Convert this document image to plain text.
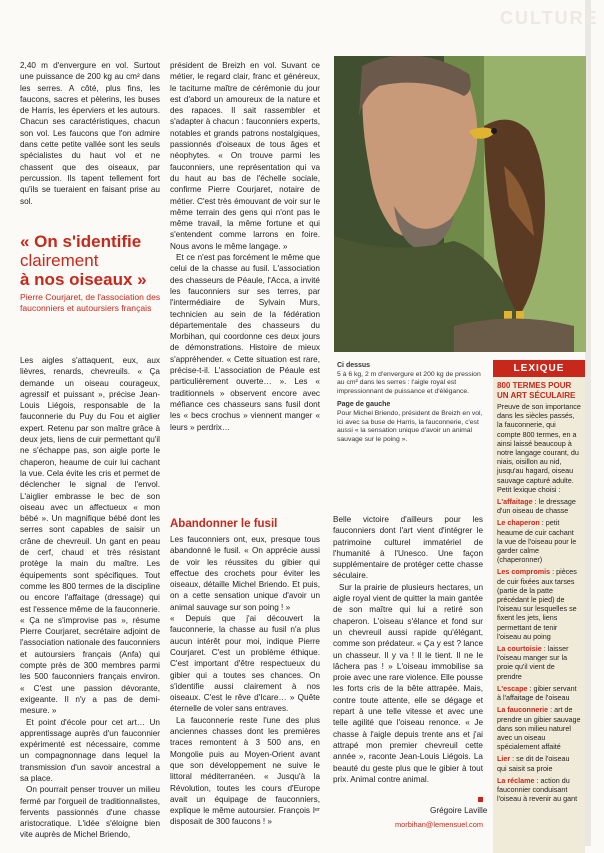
CULTURE

2,40 m d'envergure en vol. Surtout une puissance de 200 kg au cm² dans les serres. A côté, plus fins, les faucons, sacres et pèlerins, les buses de Harris, les éperviers et les autours. Chacun ses caractéristiques, chacun son vol. Les faucons que l'on admire dans cette petite vallée sont les seuls spécialistes du haut vol et ne chassent que des oiseaux, par percussion. Ils tapent tellement fort qu'ils se tueraient en faisant prise au sol.

« On s'identifie
clairement
à nos oiseaux »
Pierre Courjaret, de l'association des fauconniers et autoursiers français

Les aigles s'attaquent, eux, aux lièvres, renards, chevreuils. « Ça demande un oiseau courageux, agressif et puissant », précise Jean-Louis Liégois, responsable de la fauconnerie du Puy du Fou et aiglier expert. Retenu par son maître grâce à deux jets, liens de cuir permettant qu'il ne s'échappe pas, son aigle porte le chaperon, heaume de cuir lui cachant la vue. Cela évite les cris et permet de déclencher le signal de l'envol. L'aiglier embrasse le bec de son oiseau avec un affectueux « mon bébé ». Un magnifique bébé dont les serres sont capables de saisir un crâne de chevreuil. Un gant en peau de cerf, chaud et très résistant protège la main du maître. Les équipements sont spécifiques. Tout comme les 800 termes de la discipline ou encore l'affaitage (dressage) qui est l'essence même de la fauconnerie. « Ça ne s'improvise pas », résume Pierre Courjaret, secrétaire adjoint de l'association nationale des fauconniers et autoursiers français (Anfa) qui compte près de 300 membres parmi les 500 fauconniers français environ. « C'est une passion dévorante, exigeante. Il n'y a pas de demi-mesure. »

Et point d'école pour cet art… Un apprentissage auprès d'un fauconnier expérimenté est nécessaire, comme un compagnonnage dans lequel la transmission d'un savoir ancestral a sa place.

On pourrait penser trouver un milieu fermé par l'orgueil de traditionnalistes, fervents passionnés d'une chasse aristocratique. L'idée s'éloigne bien vite auprès de Michel Briendo,

président de Breizh en vol. Suvant ce métier, le regard clair, franc et généreux, le taciturne maître de cérémonie du jour est d'abord un amoureux de la nature et des rapaces. Il sait rassembler et s'adapter à chacun : fauconniers experts, notables et grands patrons nostalgiques, passionnés d'oiseaux de tous âges et néophytes. « On trouve parmi les fauconniers, une représentation qui va du haut au bas de l'échelle sociale, confirme Pierre Courjaret, notaire de métier. C'est très émouvant de voir sur le même terrain des gens qui n'ont pas le même travail, la même fortune et qui s'entendent comme larrons en foire. Nous avons le même langage. »

Et ce n'est pas forcément le même que celui de la chasse au fusil. L'association des chasseurs de Péaule, l'Acca, a invité les fauconniers sur ses terres, par l'intermédiaire de Sylvain Murs, technicien au sein de la fédération départementale des chasseurs du Morbihan, qui coordonne ces deux jours de démonstrations. Histoire de mieux s'appréhender. « Cette situation est rare, précise-t-il. L'association de Péaule est particulièrement ouverte… ». Les « traditionnels » observent encore avec méfiance ces chasseurs sans fusil dont les « becs crochus » viennent manger « leurs » perdrix…

Abandonner le fusil

Les fauconniers ont, eux, presque tous abandonné le fusil. « On apprécie aussi de voir les réussites du gibier qui effectue des crochets pour éviter les oiseaux, détaille Michel Briendo. Et puis, on a cette sensation unique d'avoir un animal sauvage sur son poing ! »

« Depuis que j'ai découvert la fauconnerie, la chasse au fusil n'a plus aucun intérêt pour moi, indique Pierre Courjaret. C'est un problème éthique. C'est important d'être respectueux du gibier qui a toutes ses chances. On s'identifie aussi clairement à nos oiseaux. C'est le rêve d'Icare… » Quête éternelle de voler sans entraves.

La fauconnerie reste l'une des plus anciennes chasses dont les premières traces remontent à 3 500 ans, en Mongolie puis au Moyen-Orient avant que son développement ne suive le littoral méditerranéen. « Jusqu'à la Révolution, toutes les cours d'Europe avait un équipage de fauconniers, explique le même autoursier. François Iᵉʳ disposait de 300 faucons ! »

Belle victoire d'ailleurs pour les fauconniers dont l'art vient d'intégrer le patrimoine culturel immatériel de l'humanité à l'Unesco. Une façon supplémentaire de protéger cette chasse séculaire.

Sur la prairie de plusieurs hectares, un aigle royal vient de quitter la main gantée de son maître qui lui a retiré son chaperon. L'oiseau s'élance et fond sur un chevreuil aussi rapide qu'élégant, comme son prédateur. « Ça y est ? lance un chasseur. Il y va ! Il le tient. Il ne le lâchera pas ! » L'oiseau immobilise sa proie avec une rare violence. Elle pousse les forts cris de la bête attrapée. Mais, contre toute attente, elle se dégage et repart à une telle vitesse et avec une telle agilité que l'oiseau renonce. « Je chasse à l'aigle depuis trente ans et j'ai attrapé mon premier chevreuil cette année », raconte Jean-Louis Liégois. La beauté du geste plus que le gibier à tout prix. Animal contre animal.

Grégoire Laville
morbihan@lemensuel.com

Ci dessus
5 à 6 kg, 2 m d'envergure et 200 kg de pression au cm² dans les serres : l'aigle royal est impressionnant de puissance et d'élégance.

Page de gauche
Pour Michel Briendo, président de Breizh en vol, ici avec sa buse de Harris, la fauconnerie, c'est aussi « la sensation unique d'avoir un animal sauvage sur le poing ».

LEXIQUE
800 TERMES POUR UN ART SÉCULAIRE

Preuve de son importance dans les siècles passés, la fauconnerie, qui compte 800 termes, en a ainsi laissé beaucoup à notre langage courant, du niais, oisillon au nid, jusqu'au hagard, oiseau sauvage capturé adulte. Petit lexique choisi :

L'affaitage : le dressage d'un oiseau de chasse

Le chaperon : petit heaume de cuir cachant la vue de l'oiseau pour le garder calme (chaperonner)

Les compromis : pièces de cuir fixées aux tarses (partie de la patte précédant le pied) de l'oiseau sur lesquelles se fixent les jets, liens permettant de tenir l'oiseau au poing

La courtoisie : laisser l'oiseau manger sur la proie qu'il vient de prendre

L'escape : gibier servant à l'affaitage de l'oiseau

La fauconnerie : art de prendre un gibier sauvage dans son milieu naturel avec un oiseau spécialement affaité

Lier : se dit de l'oiseau qui saisit sa proie

La réclame : action du fauconnier conduisant l'oiseau à revenir au gant
